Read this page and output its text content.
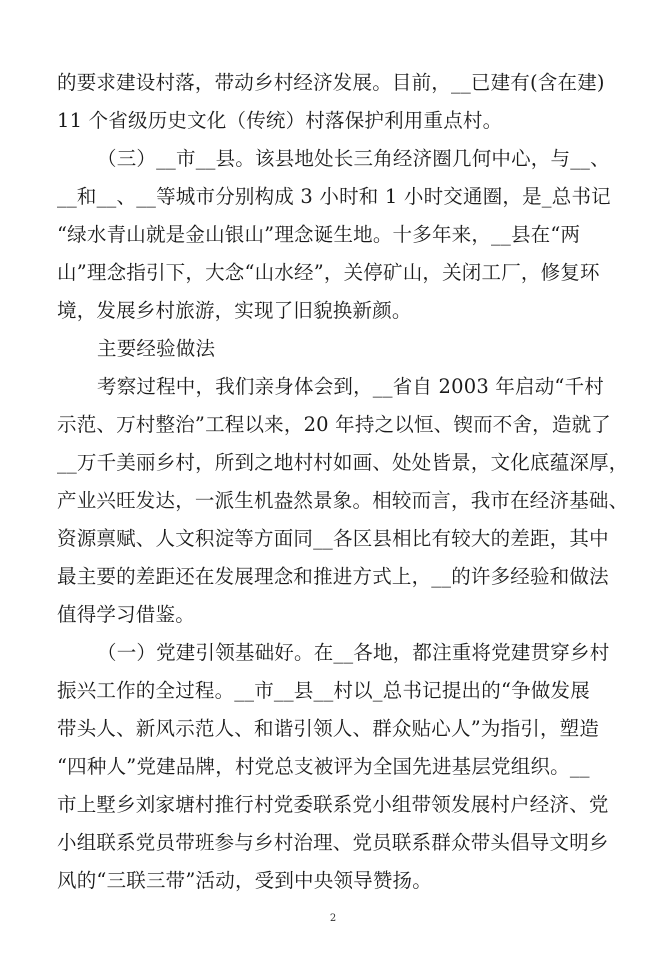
的要求建设村落，带动乡村经济发展。目前，__已建有(含在建)
11 个省级历史文化（传统）村落保护利用重点村。
（三）__市__县。该县地处长三角经济圈几何中心，与__、
__和__、__等城市分别构成 3 小时和 1 小时交通圈，是_总书记
“绿水青山就是金山银山”理念诞生地。十多年来，__县在“两
山”理念指引下，大念“山水经”，关停矿山，关闭工厂，修复环
境，发展乡村旅游，实现了旧貌换新颜。
主要经验做法
考察过程中，我们亲身体会到，__省自 2003 年启动“千村
示范、万村整治”工程以来，20 年持之以恒、锲而不舍，造就了
__万千美丽乡村，所到之地村村如画、处处皆景，文化底蕴深厚，
产业兴旺发达，一派生机盎然景象。相较而言，我市在经济基础、
资源禀赋、人文积淀等方面同__各区县相比有较大的差距，其中
最主要的差距还在发展理念和推进方式上，__的许多经验和做法
值得学习借鉴。
（一）党建引领基础好。在__各地，都注重将党建贯穿乡村
振兴工作的全过程。__市__县__村以_总书记提出的“争做发展
带头人、新风示范人、和谐引领人、群众贴心人”为指引，塑造
“四种人”党建品牌，村党总支被评为全国先进基层党组织。__
市上墅乡刘家塘村推行村党委联系党小组带领发展村户经济、党
小组联系党员带班参与乡村治理、党员联系群众带头倡导文明乡
风的“三联三带”活动，受到中央领导赞扬。
2
